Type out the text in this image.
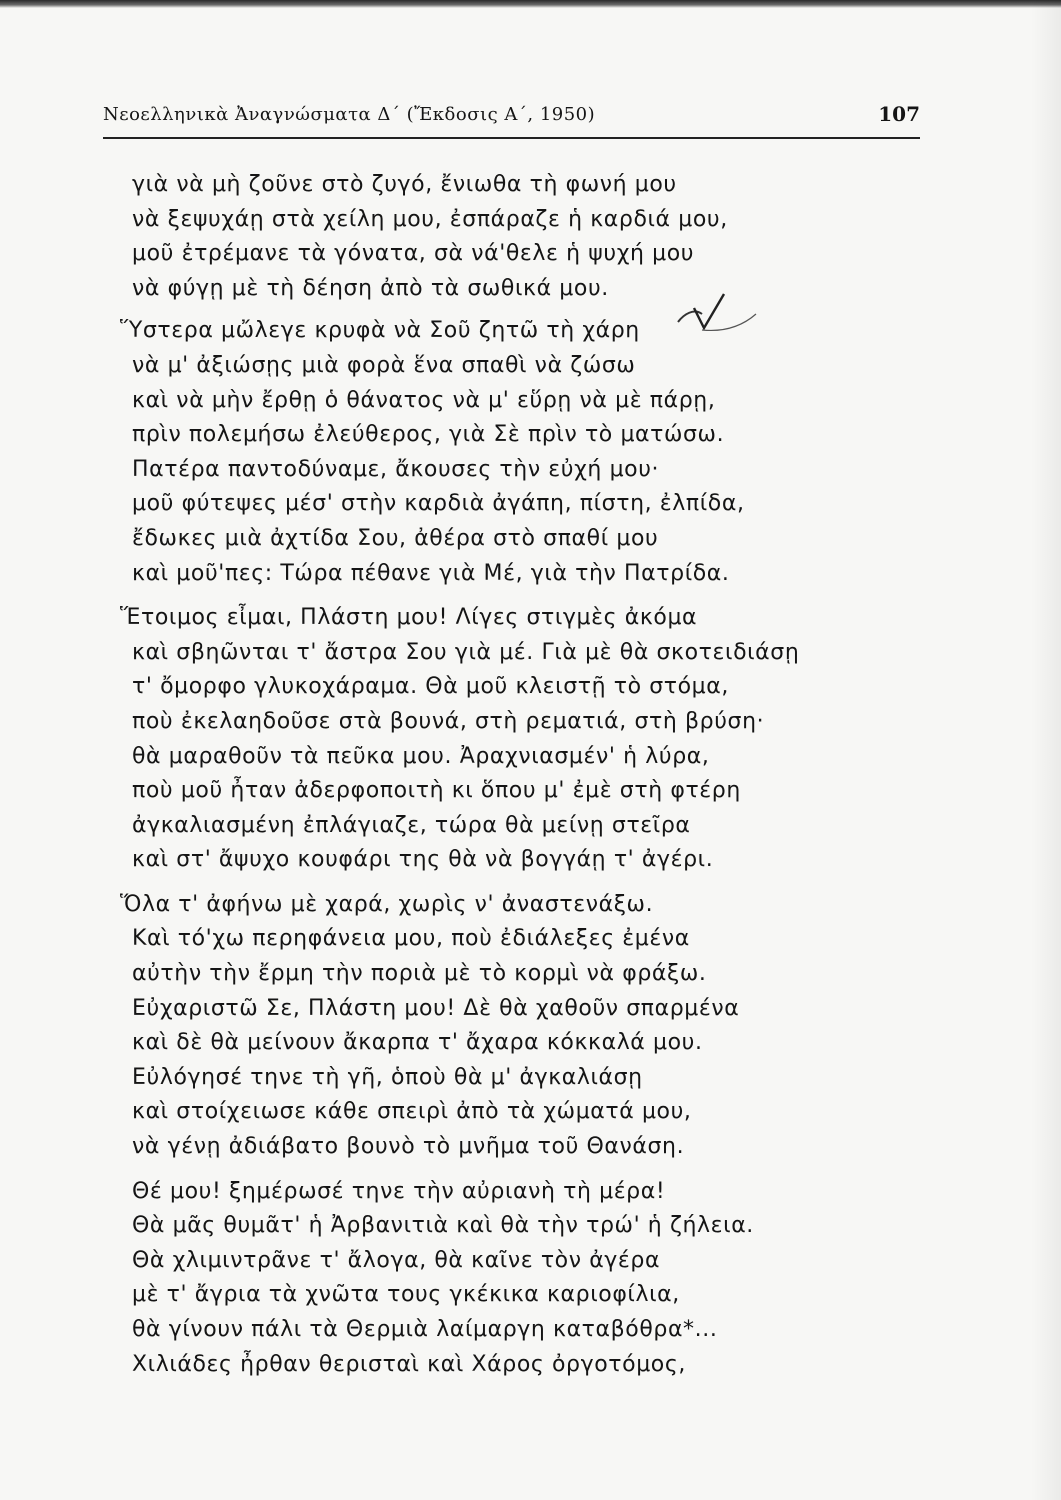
Νεοελληνικὰ Ἀναγνώσματα Δ´ (Ἔκδοσις Α´, 1950)	107
γιὰ νὰ μὴ ζοῦνε στὸ ζυγό, ἔνιωθα τὴ φωνή μου
νὰ ξεψυχάῃ στὰ χείλη μου, ἐσπάραζε ἡ καρδιά μου,
μοῦ ἐτρέμανε τὰ γόνατα, σὰ νά'θελε ἡ ψυχή μου
νὰ φύγῃ μὲ τὴ δέηση ἀπὸ τὰ σωθικά μου.
Ὕστερα μὤλεγε κρυφὰ νὰ Σοῦ ζητῶ τὴ χάρη
νὰ μ' ἀξιώσῃς μιὰ φορὰ ἕνα σπαθὶ νὰ ζώσω
καὶ νὰ μὴν ἔρθῃ ὁ θάνατος νὰ μ' εὕρῃ νὰ μὲ πάρῃ,
πρὶν πολεμήσω ἐλεύθερος, γιὰ Σὲ πρὶν τὸ ματώσω.
Πατέρα παντοδύναμε, ἄκουσες τὴν εὐχή μου·
μοῦ φύτεψες μέσ' στὴν καρδιὰ ἀγάπη, πίστη, ἐλπίδα,
ἔδωκες μιὰ ἀχτίδα Σου, ἀθέρα στὸ σπαθί μου
καὶ μοῦ'πες: Τώρα πέθανε γιὰ Μέ, γιὰ τὴν Πατρίδα.
Ἕτοιμος εἶμαι, Πλάστη μου! Λίγες στιγμὲς ἀκόμα
καὶ σβηῶνται τ' ἄστρα Σου γιὰ μέ. Γιὰ μὲ θὰ σκοτειδιάσῃ
τ' ὄμορφο γλυκοχάραμα. Θὰ μοῦ κλειστῇ τὸ στόμα,
ποὺ ἐκελαηδοῦσε στὰ βουνά, στὴ ρεματιά, στὴ βρύση·
θὰ μαραθοῦν τὰ πεῦκα μου. Ἀραχνιασμέν' ἡ λύρα,
ποὺ μοῦ ἦταν ἀδερφοποιτὴ κι ὅπου μ' ἐμὲ στὴ φτέρη
ἀγκαλιασμένη ἐπλάγιαζε, τώρα θὰ μείνῃ στεῖρα
καὶ στ' ἄψυχο κουφάρι της θὰ νὰ βογγάῃ τ' ἀγέρι.
Ὅλα τ' ἀφήνω μὲ χαρά, χωρὶς ν' ἀναστενάξω.
Καὶ τό'χω περηφάνεια μου, ποὺ ἐδιάλεξες ἐμένα
αὐτὴν τὴν ἔρμη τὴν ποριὰ μὲ τὸ κορμὶ νὰ φράξω.
Εὐχαριστῶ Σε, Πλάστη μου! Δὲ θὰ χαθοῦν σπαρμένα
καὶ δὲ θὰ μείνουν ἄκαρπα τ' ἄχαρα κόκκαλά μου.
Εὐλόγησέ τηνε τὴ γῆ, ὁποὺ θὰ μ' ἀγκαλιάσῃ
καὶ στοίχειωσε κάθε σπειρὶ ἀπὸ τὰ χώματά μου,
νὰ γένῃ ἀδιάβατο βουνὸ τὸ μνῆμα τοῦ Θανάση.
Θέ μου! ξημέρωσέ τηνε τὴν αὐριανὴ τὴ μέρα!
Θὰ μᾶς θυμᾶτ' ἡ Ἀρβανιτιὰ καὶ θὰ τὴν τρώ' ἡ ζήλεια.
Θὰ χλιμιντρᾶνε τ' ἄλογα, θὰ καῖνε τὸν ἀγέρα
μὲ τ' ἄγρια τὰ χνῶτα τους γκέκικα καριοφίλια,
θὰ γίνουν πάλι τὰ Θερμιὰ λαίμαργη καταβόθρα*...
Χιλιάδες ἦρθαν θερισταὶ καὶ Χάρος ὀργοτόμος,
